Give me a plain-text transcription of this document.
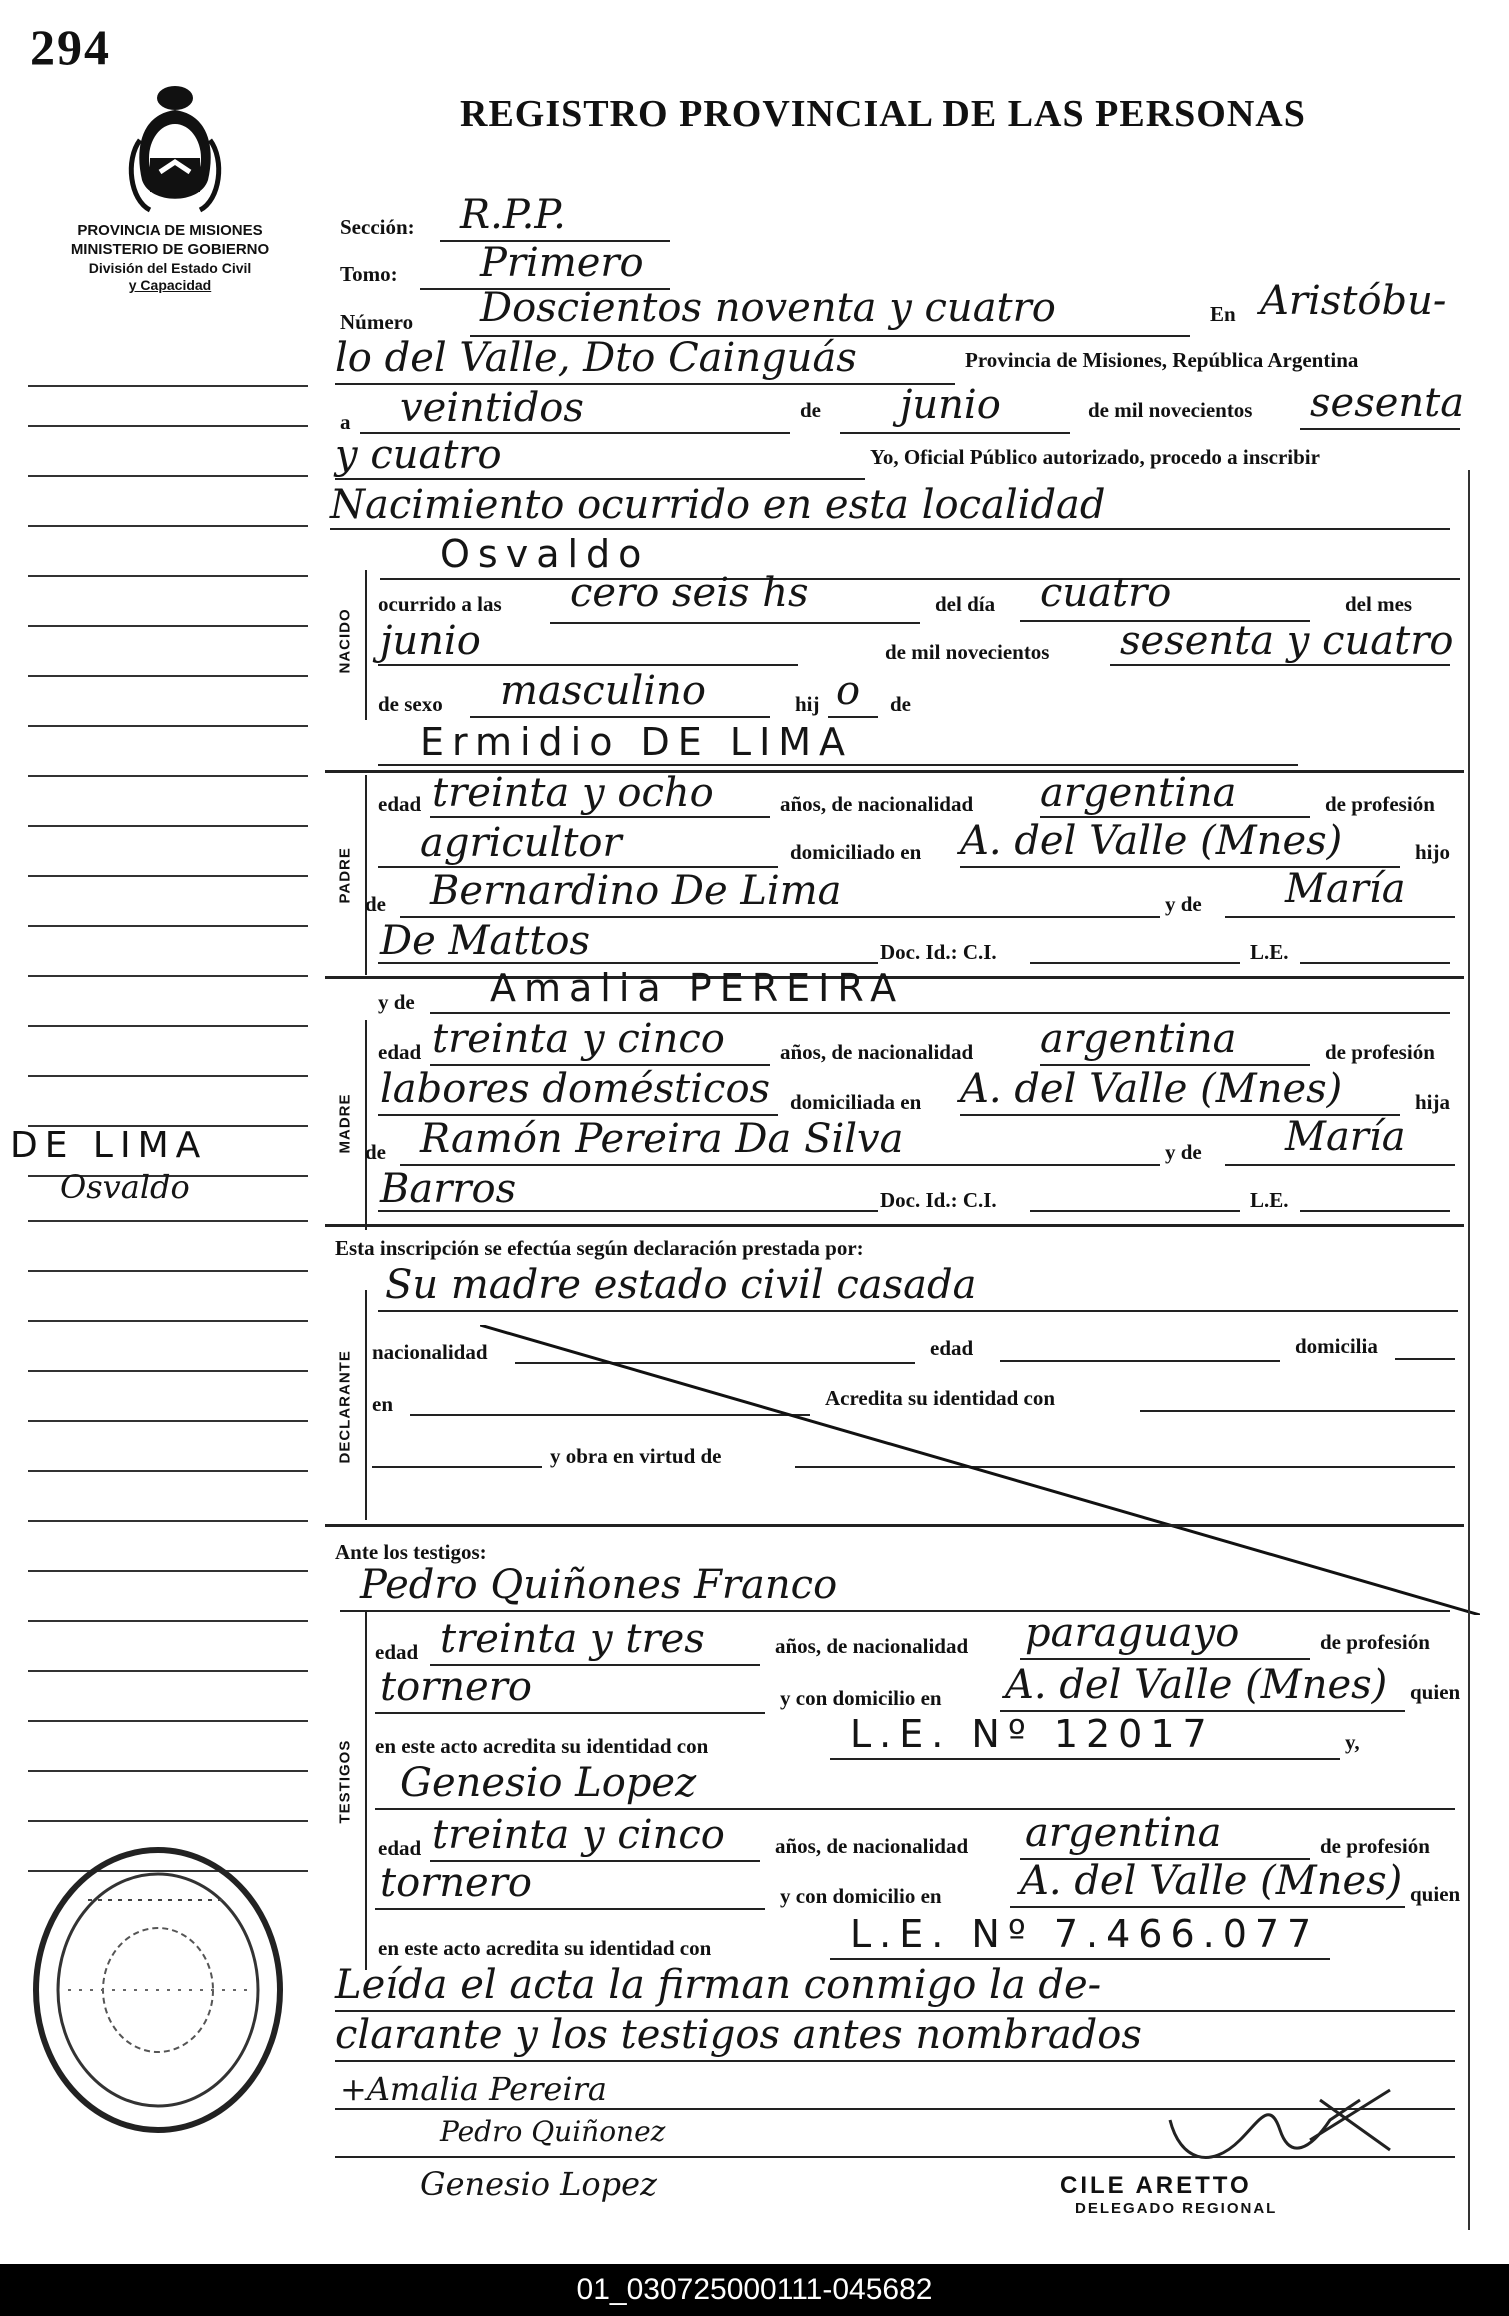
294
REGISTRO PROVINCIAL DE LAS PERSONAS
PROVINCIA DE MISIONES
MINISTERIO DE GOBIERNO
División del Estado Civil
y Capacidad
DE LIMA
Osvaldo
Sección: R.P.P.
Tomo: Primero
Número Doscientos noventa y cuatro	En Aristóbu-
lo del Valle, Dto Cainguás	Provincia de Misiones, República Argentina
a veintidos	de junio	de mil novecientos sesenta
y cuatro	Yo, Oficial Público autorizado, procedo a inscribir
Nacimiento ocurrido en esta localidad
NACIDO
Osvaldo
ocurrido a las cero seis hs	del día cuatro	del mes
junio	de mil novecientos sesenta y cuatro
de sexo masculino	hij o de
Ermidio DE LIMA
PADRE
edad treinta y ocho	años, de nacionalidad argentina	de profesión
agricultor	domiciliado en A. del Valle (Mnes)	hijo
de Bernardino De Lima	y de María
De Mattos	Doc. Id.: C.I.	L.E.
y de Amalia PEREIRA
MADRE
edad treinta y cinco	años, de nacionalidad argentina	de profesión
labores domésticos domiciliada en A. del Valle (Mnes)	hija
de Ramón Pereira Da Silva	y de María
Barros	Doc. Id.: C.I.	L.E.
Esta inscripción se efectúa según declaración prestada por:
Su madre estado civil casada
DECLARANTE nacionalidad	edad	domicilia
en	Acredita su identidad con
y obra en virtud de
Ante los testigos:
Pedro Quiñones Franco
TESTIGOS
edad treinta y tres	años, de nacionalidad paraguayo	de profesión
tornero	y con domicilio en A. del Valle (Mnes) quien
en este acto acredita su identidad con	L.E. Nº 12017	y,
Genesio Lopez
edad treinta y cinco años, de nacionalidad argentina	de profesión
tornero	y con domicilio en A. del Valle (Mnes) quien
en este acto acredita su identidad con	L.E. Nº 7.466.077
Leída el acta la firman conmigo la de-
clarante y los testigos antes nombrados
+Amalia Pereira
Pedro Quiñonez
Genesio Lopez	CILE ARETTO
DELEGADO REGIONAL
01_030725000111-045682
